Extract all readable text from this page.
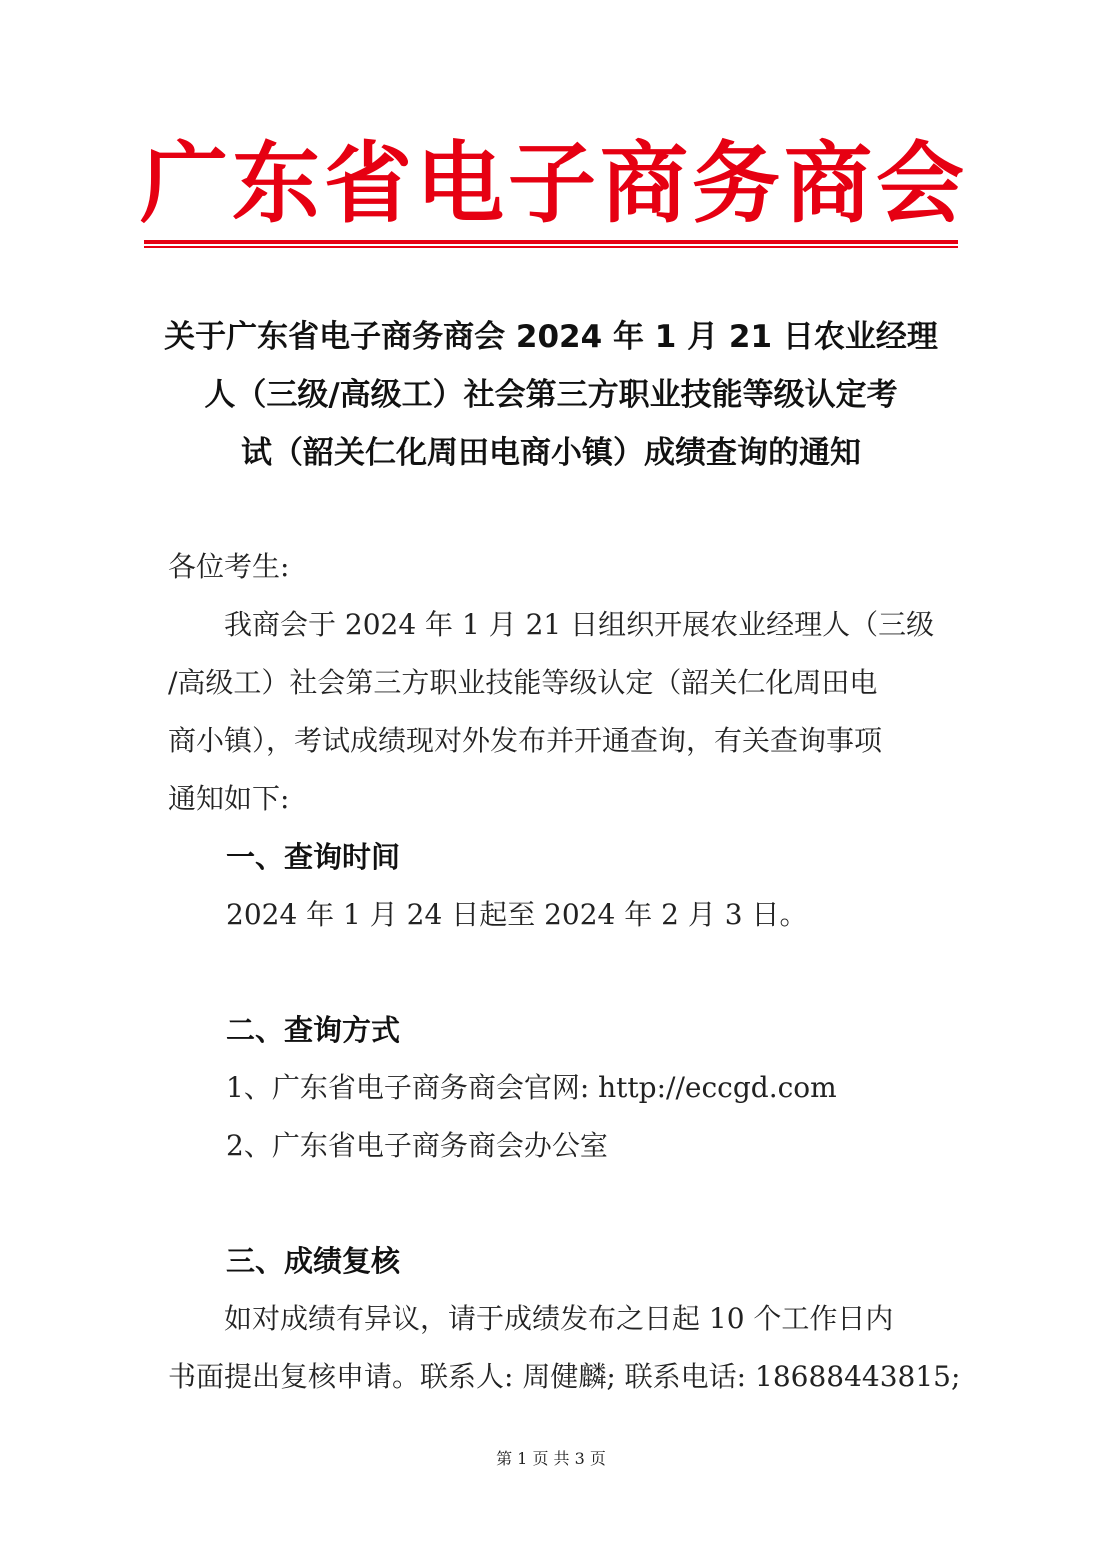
广东省电子商务商会
关于广东省电子商务商会 2024 年 1 月 21 日农业经理
人（三级/高级工）社会第三方职业技能等级认定考
试（韶关仁化周田电商小镇）成绩查询的通知
各位考生:
　　我商会于 2024 年 1 月 21 日组织开展农业经理人（三级
/高级工）社会第三方职业技能等级认定（韶关仁化周田电
商小镇），考试成绩现对外发布并开通查询，有关查询事项
通知如下:
一、查询时间
2024 年 1 月 24 日起至 2024 年 2 月 3 日。
二、查询方式
1、广东省电子商务商会官网: http://eccgd.com
2、广东省电子商务商会办公室
三、成绩复核
　　如对成绩有异议，请于成绩发布之日起 10 个工作日内
书面提出复核申请。联系人: 周健麟; 联系电话: 18688443815;
第 1 页 共 3 页
